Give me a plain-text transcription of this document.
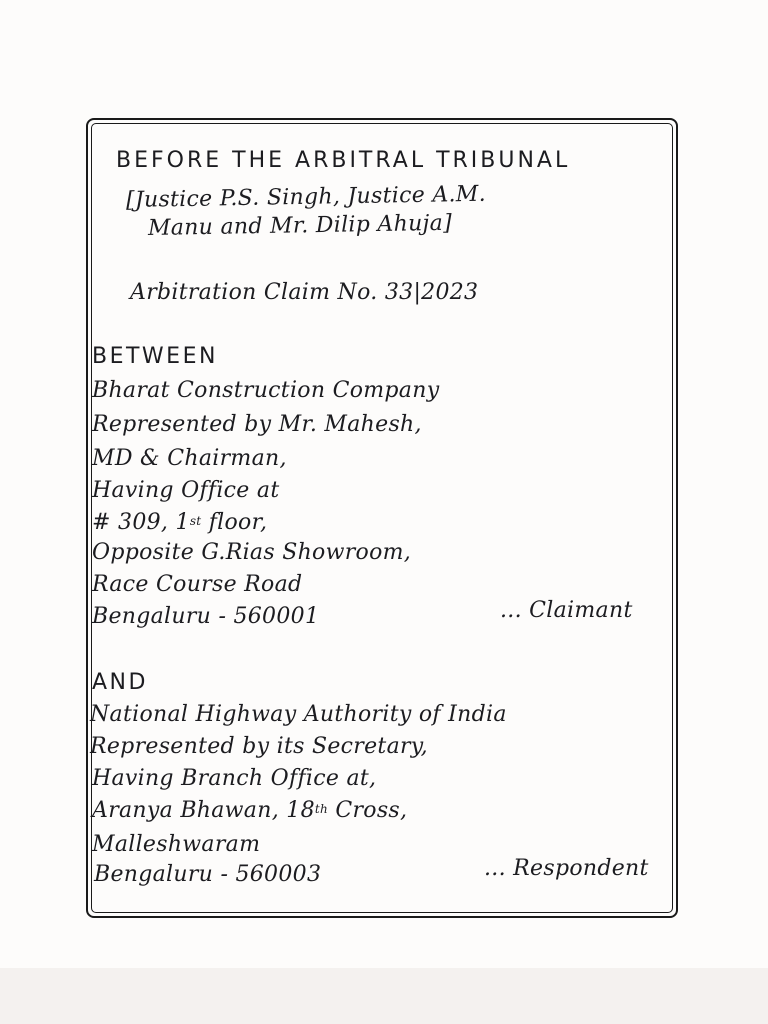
BEFORE THE ARBITRAL TRIBUNAL
[Justice P.S. Singh, Justice A.M.
Manu and Mr. Dilip Ahuja]
Arbitration Claim No. 33|2023
BETWEEN
Bharat Construction Company
Represented by Mr. Mahesh,
MD & Chairman,
Having Office at
# 309, 1st floor,
Opposite G.Rias Showroom,
Race Course Road
Bengaluru - 560001	... Claimant
AND
National Highway Authority of India
Represented by its Secretary,
Having Branch Office at,
Aranya Bhawan, 18th Cross,
Malleshwaram
Bengaluru - 560003	... Respondent
